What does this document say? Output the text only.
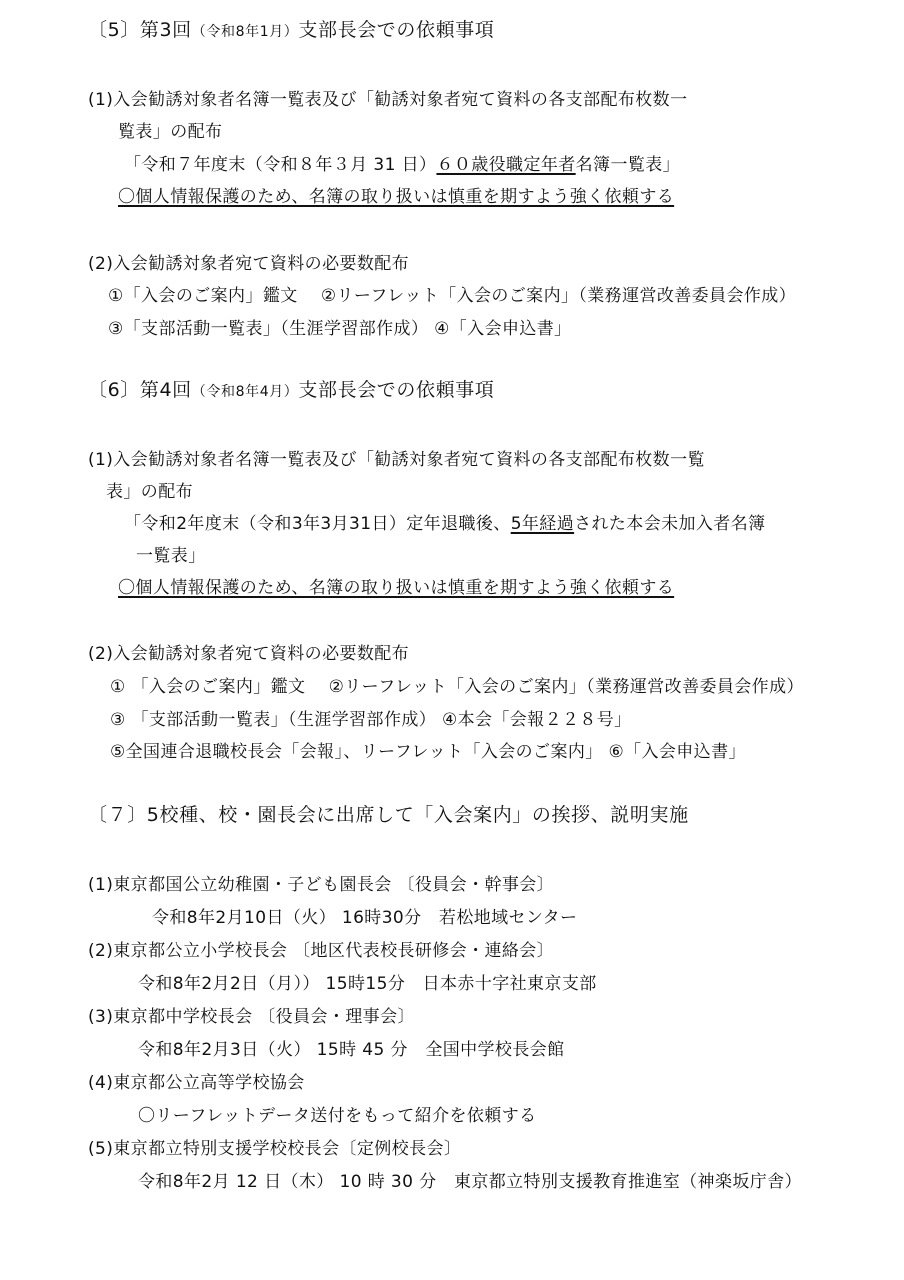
〔5〕第3回（令和8年1月）支部長会での依頼事項
(1)入会勧誘対象者名簿一覧表及び「勧誘対象者宛て資料の各支部配布枚数一
覧表」の配布
「令和７年度末（令和８年３月 31 日）６０歳役職定年者名簿一覧表」
〇個人情報保護のため、名簿の取り扱いは慎重を期すよう強く依頼する
(2)入会勧誘対象者宛て資料の必要数配布
①「入会のご案内」鑑文　 ②リーフレット「入会のご案内」（業務運営改善委員会作成）
③「支部活動一覧表」（生涯学習部作成） ④「入会申込書」
〔6〕第4回（令和8年4月）支部長会での依頼事項
(1)入会勧誘対象者名簿一覧表及び「勧誘対象者宛て資料の各支部配布枚数一覧
表」の配布
「令和2年度末（令和3年3月31日）定年退職後、5年経過された本会未加入者名簿
一覧表」
〇個人情報保護のため、名簿の取り扱いは慎重を期すよう強く依頼する
(2)入会勧誘対象者宛て資料の必要数配布
① 「入会のご案内」鑑文　 ②リーフレット「入会のご案内」（業務運営改善委員会作成）
③ 「支部活動一覧表」（生涯学習部作成） ④本会「会報２２８号」
⑤全国連合退職校長会「会報」、リーフレット「入会のご案内」 ⑥「入会申込書」
〔７〕5校種、校・園長会に出席して「入会案内」の挨拶、説明実施
(1)東京都国公立幼稚園・子ども園長会 〔役員会・幹事会〕
令和8年2月10日（火） 16時30分　若松地域センター
(2)東京都公立小学校長会 〔地区代表校長研修会・連絡会〕
令和8年2月2日（月）） 15時15分　日本赤十字社東京支部
(3)東京都中学校長会 〔役員会・理事会〕
令和8年2月3日（火） 15時 45 分　全国中学校長会館
(4)東京都公立高等学校協会
〇リーフレットデータ送付をもって紹介を依頼する
(5)東京都立特別支援学校校長会〔定例校長会〕
令和8年2月 12 日（木） 10 時 30 分　東京都立特別支援教育推進室（神楽坂庁舎）
